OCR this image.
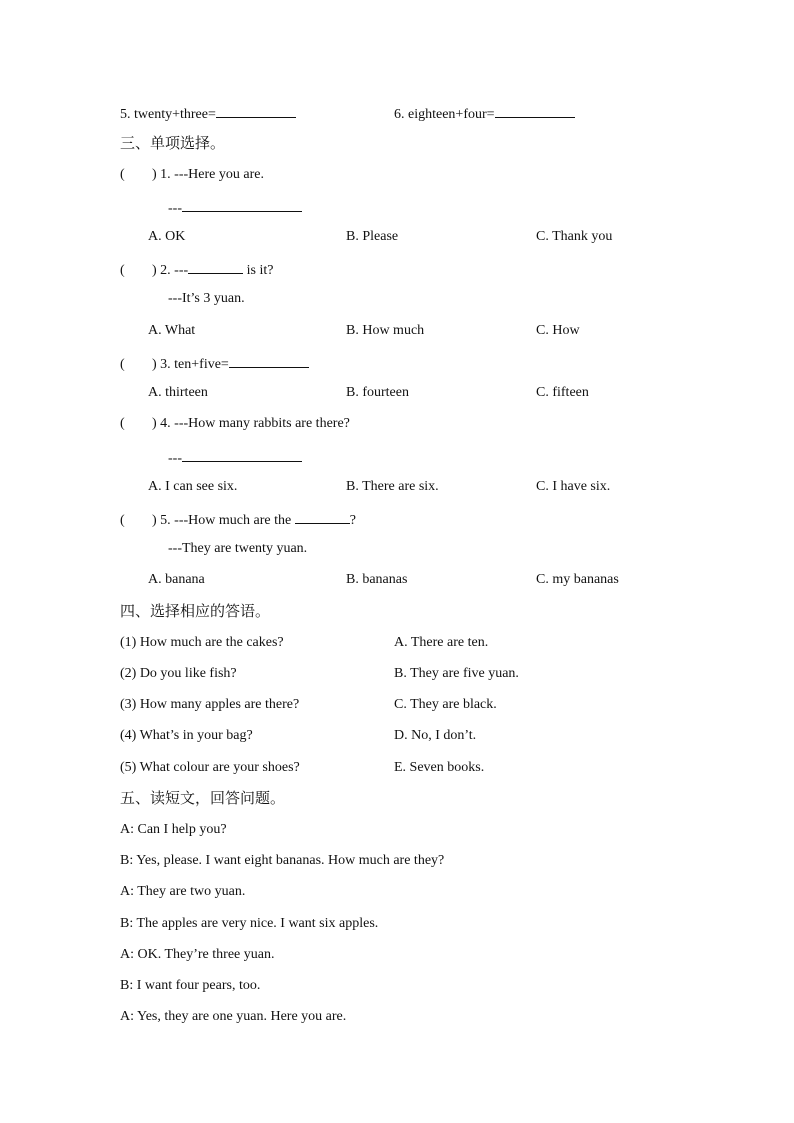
5. twenty+three=	6. eighteen+four=
三、单项选择。
( ) 1. ---Here you are.
---
A. OK	B. Please	C. Thank you
( ) 2. ---	is it?
---It’s 3 yuan.
A. What	B. How much	C. How
( ) 3. ten+five=
A. thirteen	B. fourteen	C. fifteen
( ) 4. ---How many rabbits are there?
---
A. I can see six.	B. There are six.	C. I have six.
( ) 5. ---How much are the	?
---They are twenty yuan.
A. banana	B. bananas	C. my bananas
四、选择相应的答语。
(1) How much are the cakes?	A. There are ten.
(2) Do you like fish?	B. They are five yuan.
(3) How many apples are there?	C. They are black.
(4) What’s in your bag?	D. No, I don’t.
(5) What colour are your shoes?	E. Seven books.
五、读短文，回答问题。
A: Can I help you?
B: Yes, please. I want eight bananas. How much are they?
A: They are two yuan.
B: The apples are very nice. I want six apples.
A: OK. They’re three yuan.
B: I want four pears, too.
A: Yes, they are one yuan. Here you are.
